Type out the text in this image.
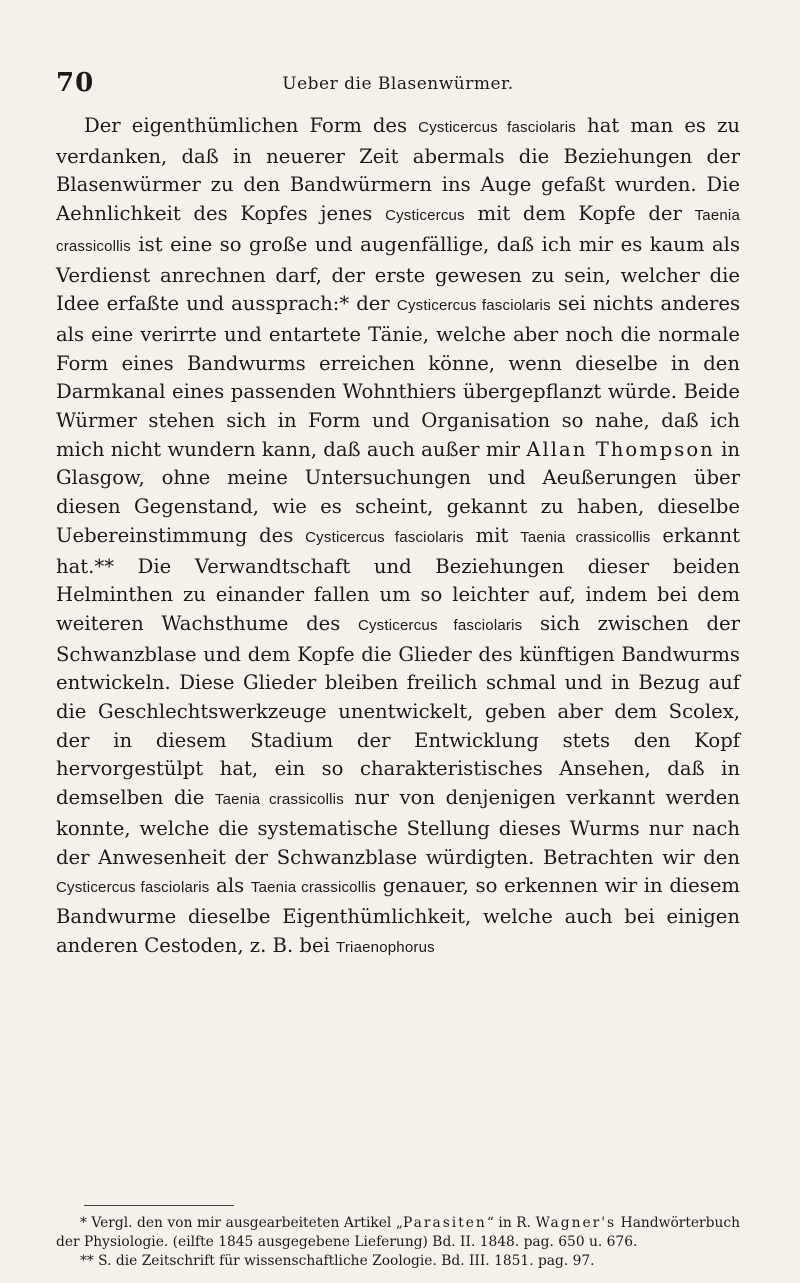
70	Ueber die Blasenwürmer.

Der eigenthümlichen Form des Cysticercus fasciolaris hat man es zu verdanken, daß in neuerer Zeit abermals die Beziehungen der Blasenwürmer zu den Bandwürmern ins Auge gefaßt wurden. Die Aehnlichkeit des Kopfes jenes Cysticercus mit dem Kopfe der Taenia crassicollis ist eine so große und augenfällige, daß ich mir es kaum als Verdienst anrechnen darf, der erste gewesen zu sein, welcher die Idee erfaßte und aussprach:* der Cysticercus fasciolaris sei nichts anderes als eine verirrte und entartete Tänie, welche aber noch die normale Form eines Bandwurms erreichen könne, wenn dieselbe in den Darmkanal eines passenden Wohnthiers übergepflanzt würde. Beide Würmer stehen sich in Form und Organisation so nahe, daß ich mich nicht wundern kann, daß auch außer mir Allan Thompson in Glasgow, ohne meine Untersuchungen und Aeußerungen über diesen Gegenstand, wie es scheint, gekannt zu haben, dieselbe Uebereinstimmung des Cysticercus fasciolaris mit Taenia crassicollis erkannt hat.** Die Verwandtschaft und Beziehungen dieser beiden Helminthen zu einander fallen um so leichter auf, indem bei dem weiteren Wachsthume des Cysticercus fasciolaris sich zwischen der Schwanzblase und dem Kopfe die Glieder des künftigen Bandwurms entwickeln. Diese Glieder bleiben freilich schmal und in Bezug auf die Geschlechtswerkzeuge unentwickelt, geben aber dem Scolex, der in diesem Stadium der Entwicklung stets den Kopf hervorgestülpt hat, ein so charakteristisches Ansehen, daß in demselben die Taenia crassicollis nur von denjenigen verkannt werden konnte, welche die systematische Stellung dieses Wurms nur nach der Anwesenheit der Schwanzblase würdigten. Betrachten wir den Cysticercus fasciolaris als Taenia crassicollis genauer, so erkennen wir in diesem Bandwurme dieselbe Eigenthümlichkeit, welche auch bei einigen anderen Cestoden, z. B. bei Triaenophorus

* Vergl. den von mir ausgearbeiteten Artikel „Parasiten“ in R. Wagner's Handwörterbuch der Physiologie. (eilfte 1845 ausgegebene Lieferung) Bd. II. 1848. pag. 650 u. 676.

** S. die Zeitschrift für wissenschaftliche Zoologie. Bd. III. 1851. pag. 97.
